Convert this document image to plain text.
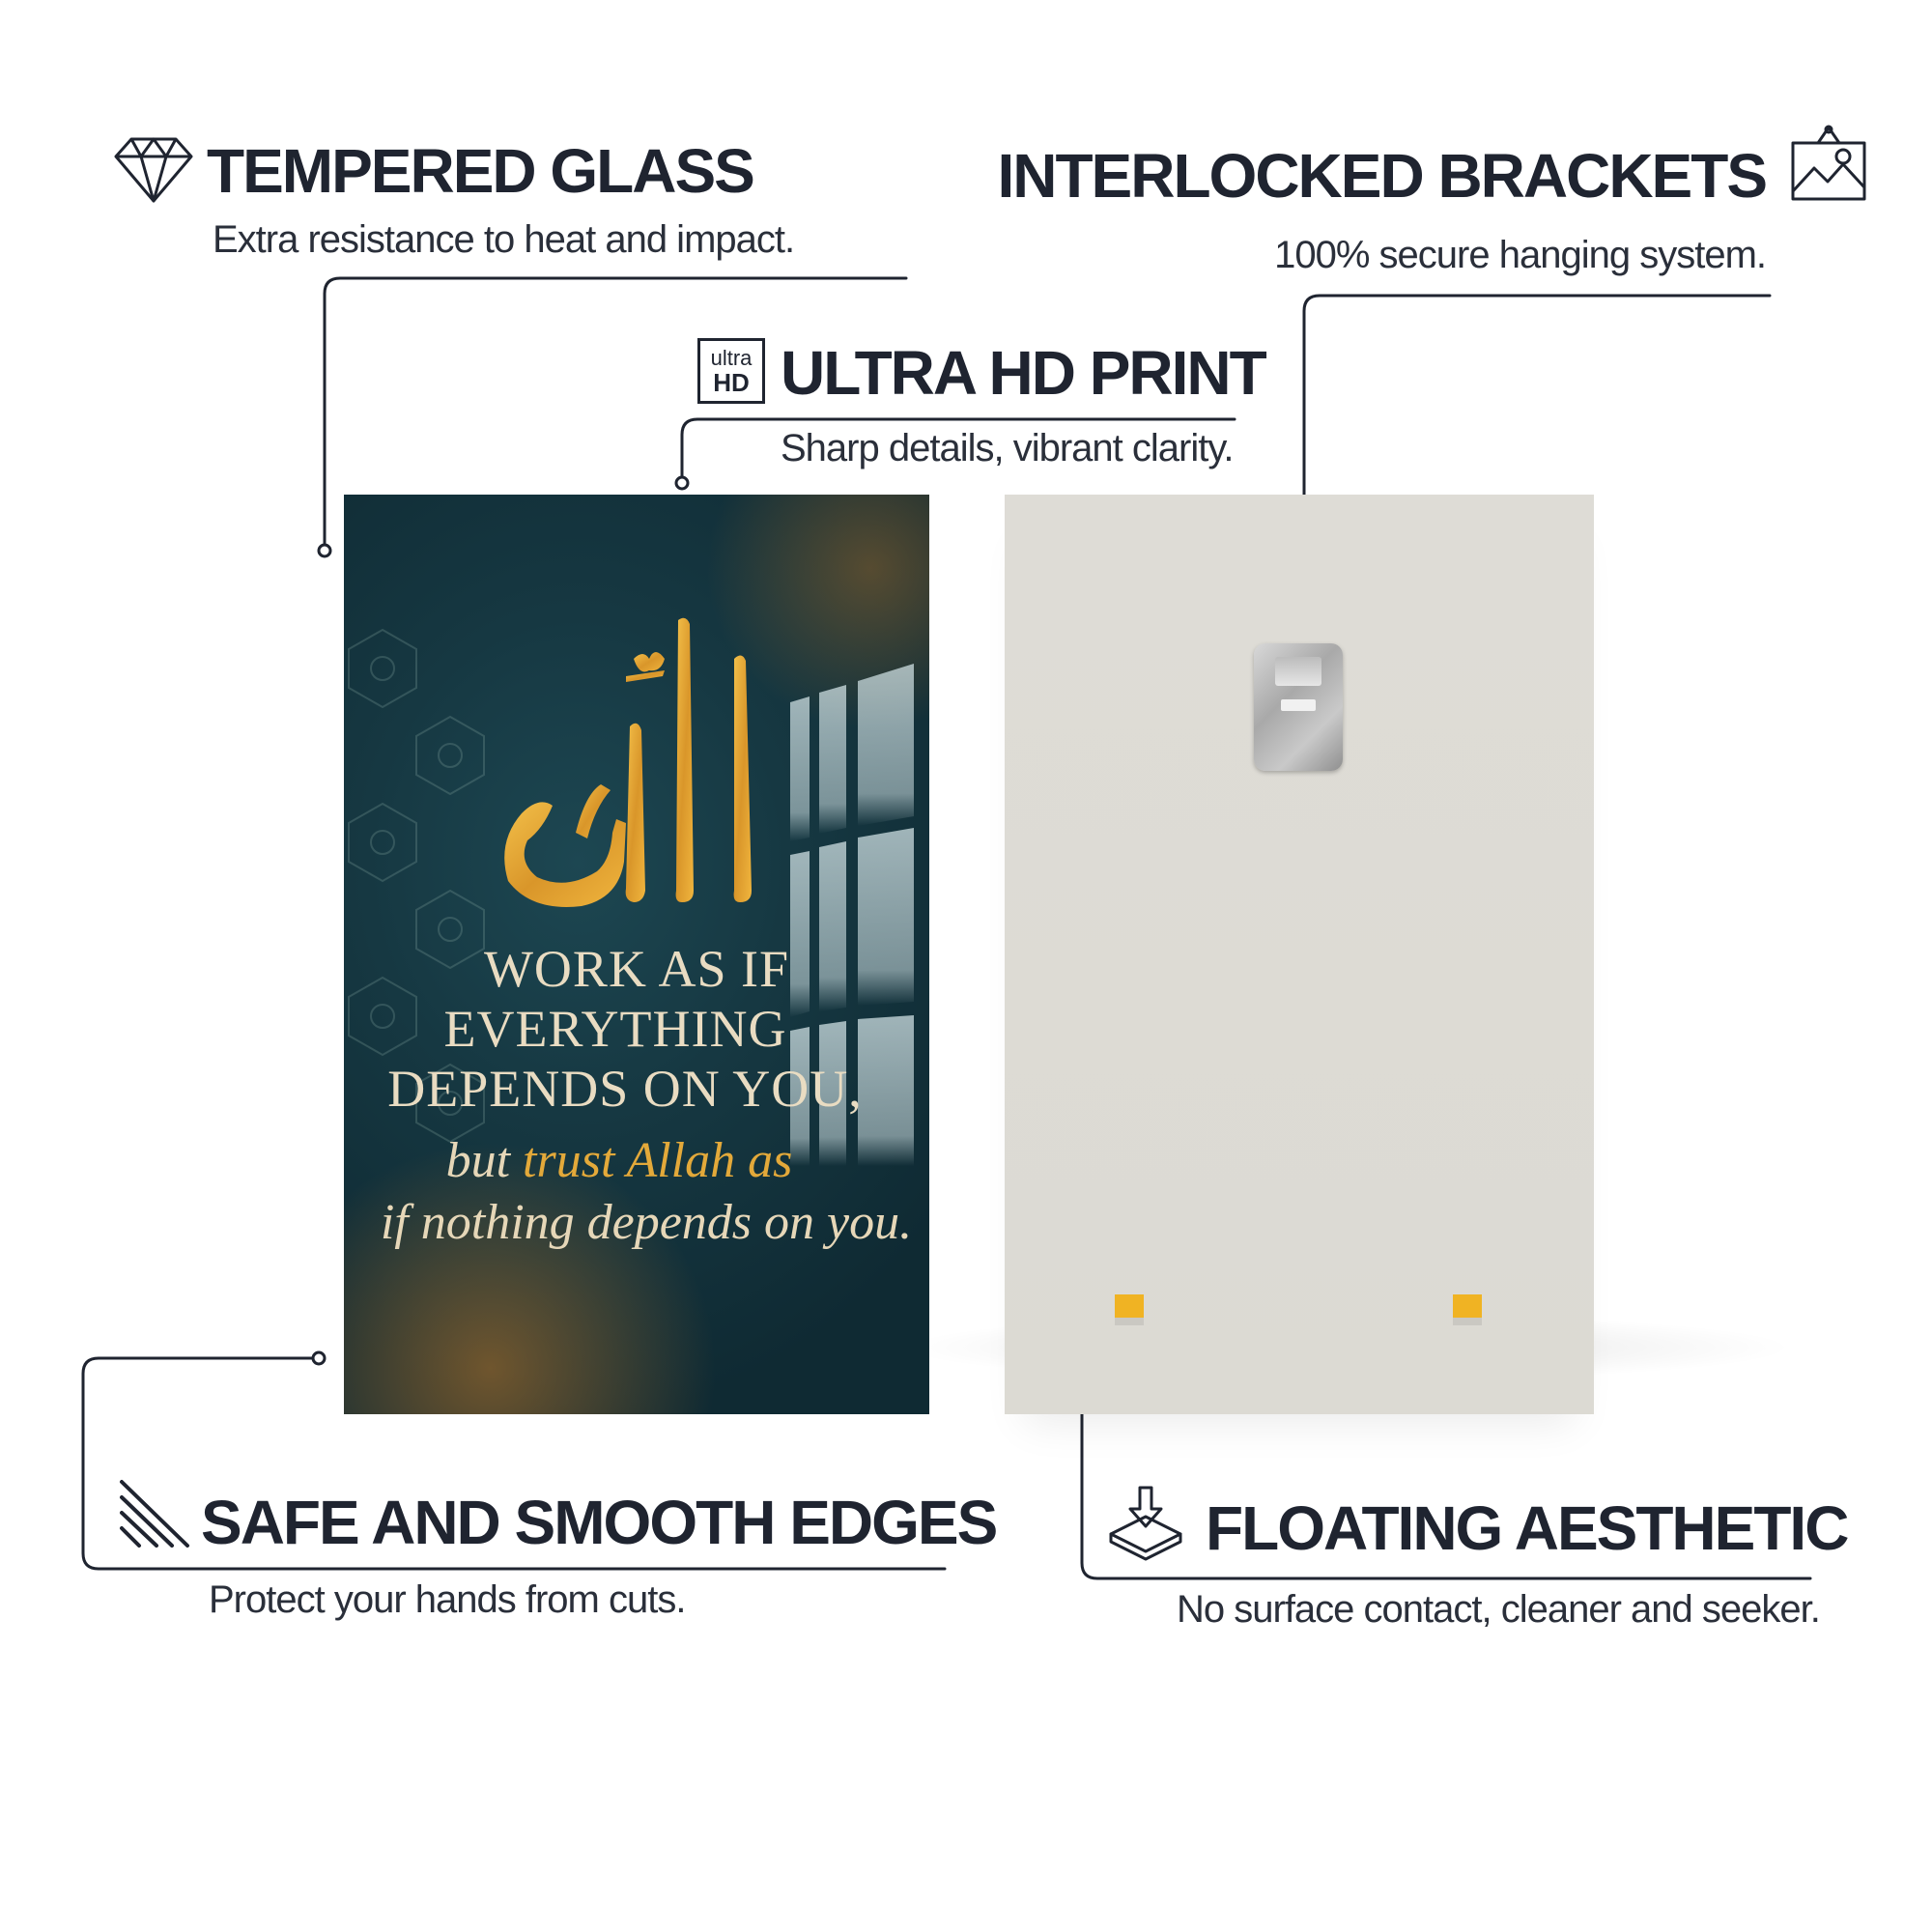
TEMPERED GLASS
Extra resistance to heat and impact.
INTERLOCKED BRACKETS
100% secure hanging system.
ultra
HD ULTRA HD PRINT
Sharp details, vibrant clarity.
WORK AS IF
EVERYTHING
DEPENDS ON YOU,
but trust Allah as
if nothing depends on you.
SAFE AND SMOOTH EDGES
Protect your hands from cuts.
FLOATING AESTHETIC
No surface contact, cleaner and seeker.
